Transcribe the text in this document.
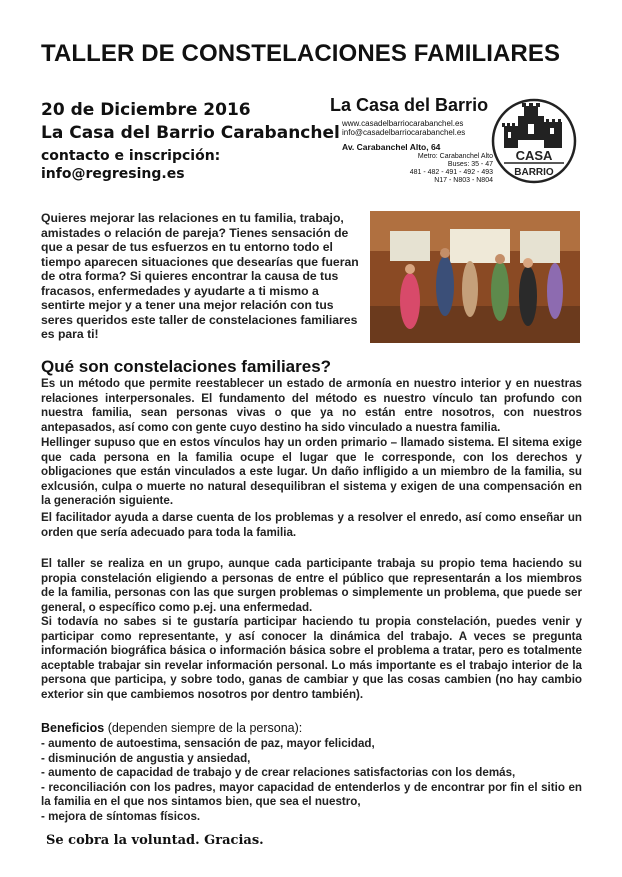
TALLER DE CONSTELACIONES FAMILIARES
20 de Diciembre 2016
La Casa del Barrio Carabanchel
contacto e inscripción:
info@regresing.es
La Casa del Barrio
www.casadelbarriocarabanchel.es
info@casadelbarriocarabanchel.es
Av. Carabanchel Alto, 64
Metro: Carabanchel Alto
Buses: 35 - 47
481 - 482 - 491 - 492 - 493
N17 - N803 - N804
CASA
BARRIO
Quieres mejorar las relaciones en tu familia, trabajo, amistades o relación de pareja? Tienes sensación de que a pesar de tus esfuerzos en tu entorno todo el tiempo aparecen situaciones que desearías que fueran de otra forma? Si quieres encontrar la causa de tus fracasos, enfermedades y ayudarte a ti mismo a sentirte mejor y a tener una mejor relación con tus seres queridos este taller de constelaciones familiares es para ti!
Qué son constelaciones familiares?
Es un método que permite reestablecer un estado de armonía en nuestro interior y en nuestras relaciones interpersonales. El fundamento del método es nuestro vínculo tan profundo con nuestra familia, sean personas vivas o que ya no están entre nosotros, con nuestros antepasados, así como con gente cuyo destino ha sido vinculado a nuestra familia.
Hellinger supuso que en estos vínculos hay un orden primario – llamado sistema. El sitema exige que cada persona en la familia ocupe el lugar que le corresponde, con los derechos y obligaciones que están vinculados a este lugar. Un daño infligido a un miembro de la familia, su exlcusión, culpa o muerte no natural desequilibran el sistema y exigen de una compensación en la generación siguiente.
El facilitador ayuda a darse cuenta de los problemas y a resolver el enredo, así como enseñar un orden que sería adecuado para toda la familia.
El taller se realiza en un grupo, aunque cada participante trabaja su propio tema haciendo su propia constelación eligiendo a personas de entre el público que representarán a los miembros de la familia, personas con las que surgen problemas o simplemente un problema, que puede ser general, o específico como p.ej. una enfermedad.
Si todavía no sabes si te gustaría participar haciendo tu propia constelación, puedes venir y participar como representante, y así conocer la dinámica del trabajo. A veces se pregunta información biográfica básica o información básica sobre el problema a tratar, pero es totalmente aceptable trabajar sin revelar información personal. Lo más importante es el trabajo interior de la persona que participa, y sobre todo, ganas de cambiar y que las cosas cambien (no hay cambio exterior sin que cambiemos nosotros por dentro también).
Beneficios (dependen siempre de la persona):
- aumento de autoestima, sensación de paz, mayor felicidad,
- disminución de angustia y ansiedad,
- aumento de capacidad de trabajo y de crear relaciones satisfactorias con los demás,
- reconciliación con los padres, mayor capacidad de entenderlos y de encontrar por fin el sitio en la familia en el que nos sintamos bien, que sea el nuestro,
- mejora de síntomas físicos.
Se cobra la voluntad. Gracias.
